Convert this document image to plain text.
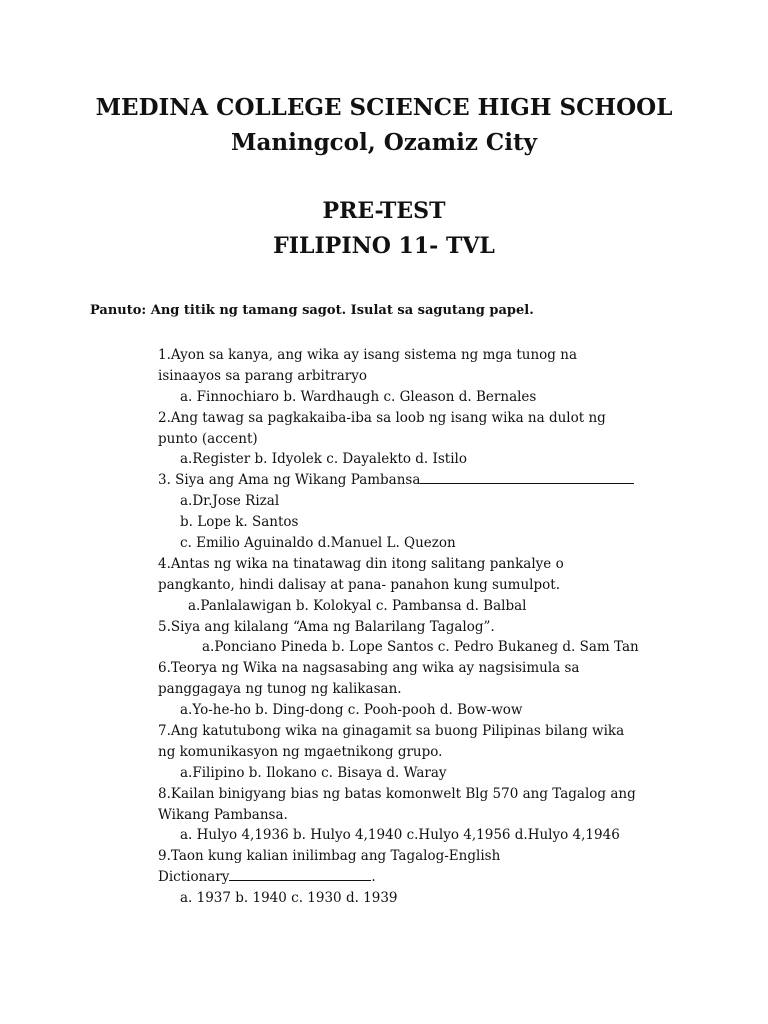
MEDINA COLLEGE SCIENCE HIGH SCHOOL
Maningcol, Ozamiz City
PRE-TEST
FILIPINO 11- TVL
Panuto: Ang titik ng tamang sagot. Isulat sa sagutang papel.
1.Ayon sa kanya, ang wika ay isang sistema ng mga tunog na
isinaayos sa parang arbitraryo
a. Finnochiaro b. Wardhaugh c. Gleason d. Bernales
2.Ang tawag sa pagkakaiba-iba sa loob ng isang wika na dulot ng
punto (accent)
a.Register b. Idyolek c. Dayalekto d. Istilo
3. Siya ang Ama ng Wikang Pambansa
a.Dr.Jose Rizal
b. Lope k. Santos
c. Emilio Aguinaldo d.Manuel L. Quezon
4.Antas ng wika na tinatawag din itong salitang pankalye o
pangkanto, hindi dalisay at pana- panahon kung sumulpot.
a.Panlalawigan b. Kolokyal c. Pambansa d. Balbal
5.Siya ang kilalang “Ama ng Balarilang Tagalog”.
a.Ponciano Pineda b. Lope Santos c. Pedro Bukaneg d. Sam Tan
6.Teorya ng Wika na nagsasabing ang wika ay nagsisimula sa
panggagaya ng tunog ng kalikasan.
a.Yo-he-ho b. Ding-dong c. Pooh-pooh d. Bow-wow
7.Ang katutubong wika na ginagamit sa buong Pilipinas bilang wika
ng komunikasyon ng mgaetnikong grupo.
a.Filipino b. Ilokano c. Bisaya d. Waray
8.Kailan binigyang bias ng batas komonwelt Blg 570 ang Tagalog ang
Wikang Pambansa.
a. Hulyo 4,1936 b. Hulyo 4,1940 c.Hulyo 4,1956 d.Hulyo 4,1946
9.Taon kung kalian inilimbag ang Tagalog-English
Dictionary	.
a. 1937 b. 1940 c. 1930 d. 1939
